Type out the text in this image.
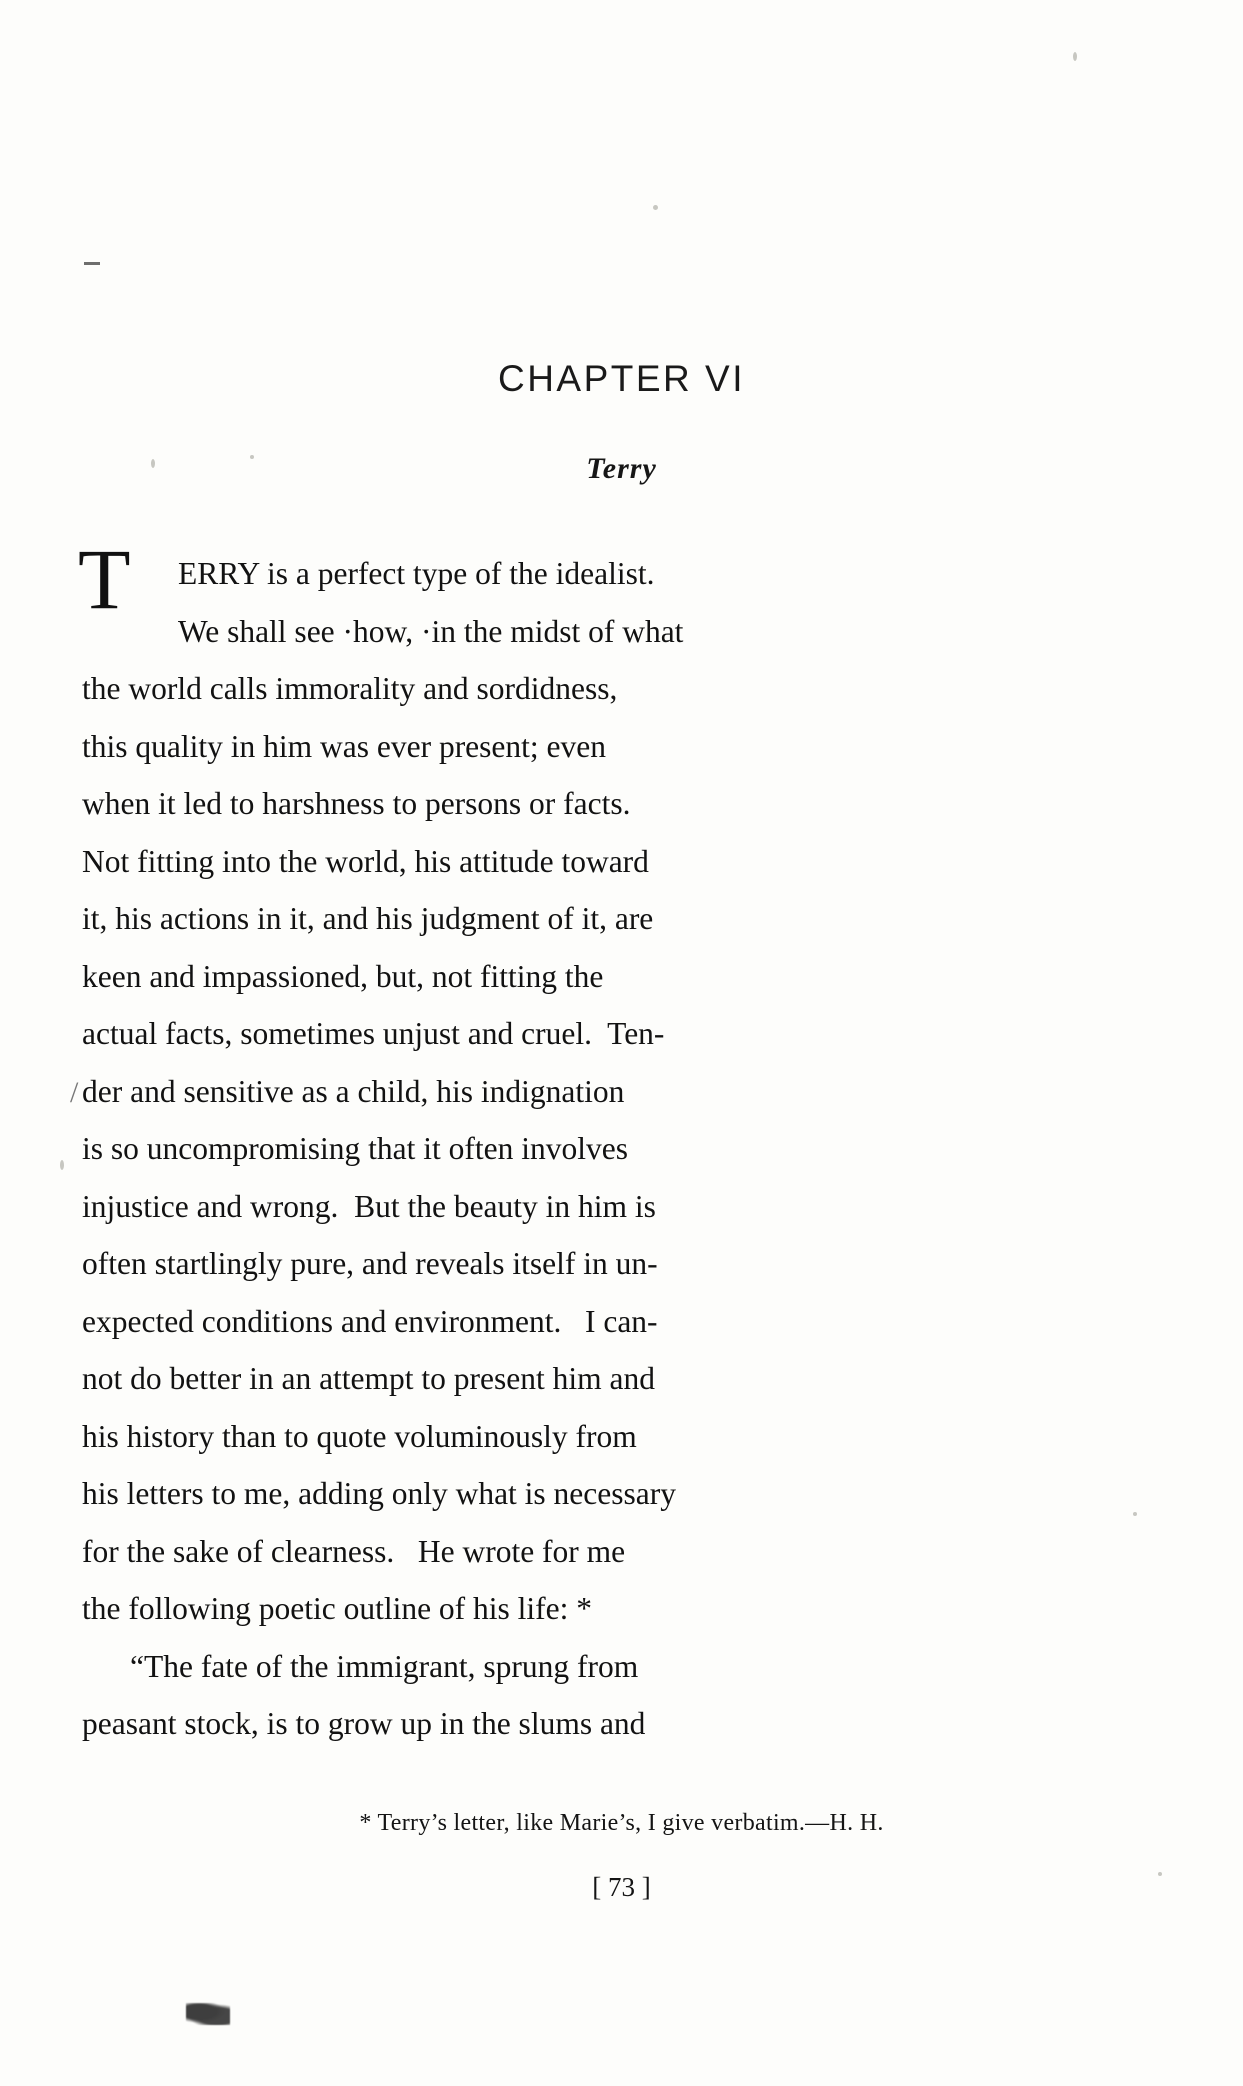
CHAPTER VI
Terry
T
/

ERRY is a perfect type of the idealist.
We shall see ·how, ·in the midst of what
the world calls immorality and sordidness,
this quality in him was ever present; even
when it led to harshness to persons or facts.
Not fitting into the world, his attitude toward
it, his actions in it, and his judgment of it, are
keen and impassioned, but, not fitting the
actual facts, sometimes unjust and cruel.  Ten-
der and sensitive as a child, his indignation
is so uncompromising that it often involves
injustice and wrong.  But the beauty in him is
often startlingly pure, and reveals itself in un-
expected conditions and environment.   I can-
not do better in an attempt to present him and
his history than to quote voluminously from
his letters to me, adding only what is necessary
for the sake of clearness.   He wrote for me
the following poetic outline of his life: *

“The fate of the immigrant, sprung from
peasant stock, is to grow up in the slums and

* Terry’s letter, like Marie’s, I give verbatim.—H. H.
[ 73 ]
